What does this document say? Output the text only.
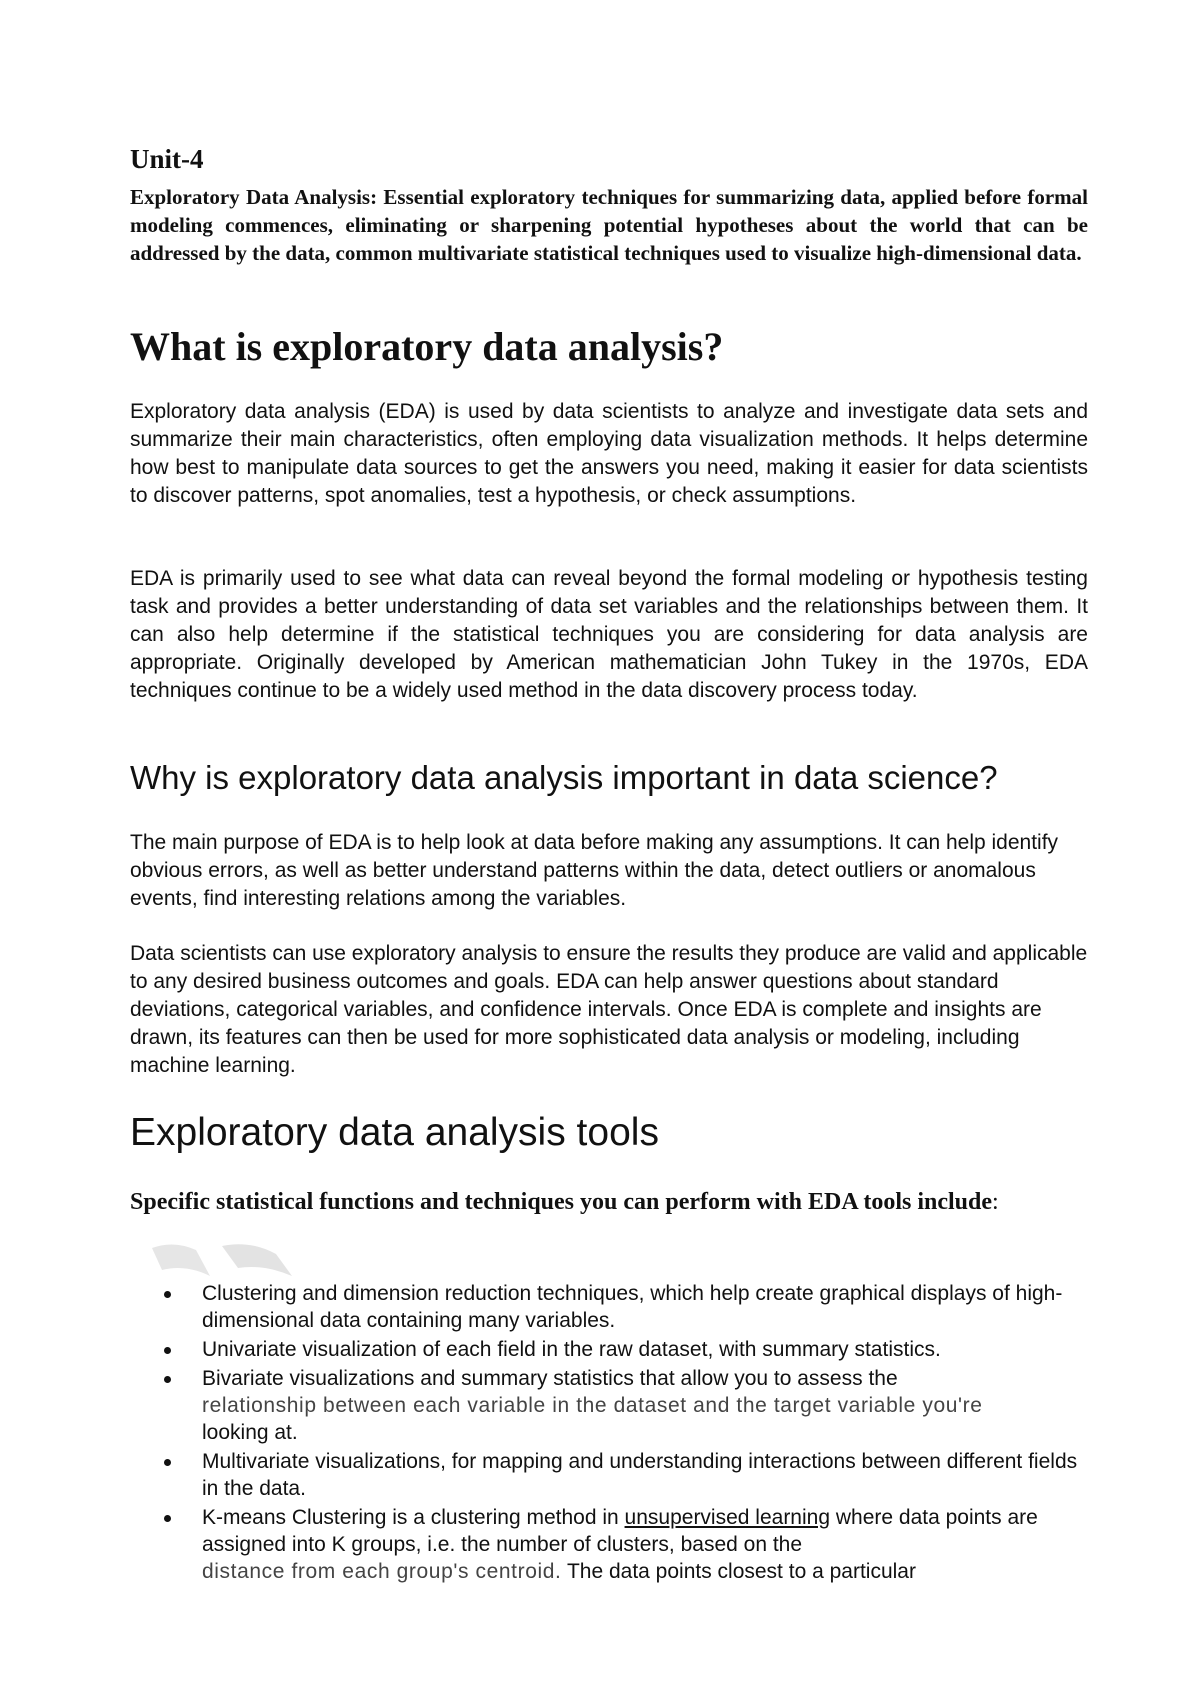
Unit-4

Exploratory Data Analysis: Essential exploratory techniques for summarizing data, applied before formal modeling commences, eliminating or sharpening potential hypotheses about the world that can be addressed by the data, common multivariate statistical techniques used to visualize high-dimensional data.

What is exploratory data analysis?

Exploratory data analysis (EDA) is used by data scientists to analyze and investigate data sets and summarize their main characteristics, often employing data visualization methods. It helps determine how best to manipulate data sources to get the answers you need, making it easier for data scientists to discover patterns, spot anomalies, test a hypothesis, or check assumptions.

EDA is primarily used to see what data can reveal beyond the formal modeling or hypothesis testing task and provides a better understanding of data set variables and the relationships between them. It can also help determine if the statistical techniques you are considering for data analysis are appropriate. Originally developed by American mathematician John Tukey in the 1970s, EDA techniques continue to be a widely used method in the data discovery process today.

Why is exploratory data analysis important in data science?

The main purpose of EDA is to help look at data before making any assumptions. It can help identify obvious errors, as well as better understand patterns within the data, detect outliers or anomalous events, find interesting relations among the variables.

Data scientists can use exploratory analysis to ensure the results they produce are valid and applicable to any desired business outcomes and goals. EDA can help answer questions about standard deviations, categorical variables, and confidence intervals. Once EDA is complete and insights are drawn, its features can then be used for more sophisticated data analysis or modeling, including machine learning.

Exploratory data analysis tools
Specific statistical functions and techniques you can perform with EDA tools include:
Clustering and dimension reduction techniques, which help create graphical displays of high-dimensional data containing many variables.
Univariate visualization of each field in the raw dataset, with summary statistics.
Bivariate visualizations and summary statistics that allow you to assess the
relationship between each variable in the dataset and the target variable you're
looking at.
Multivariate visualizations, for mapping and understanding interactions between different fields in the data.
K-means Clustering is a clustering method in unsupervised learning where data points are assigned into K groups, i.e. the number of clusters, based on the
distance from each group's centroid. The data points closest to a particular
